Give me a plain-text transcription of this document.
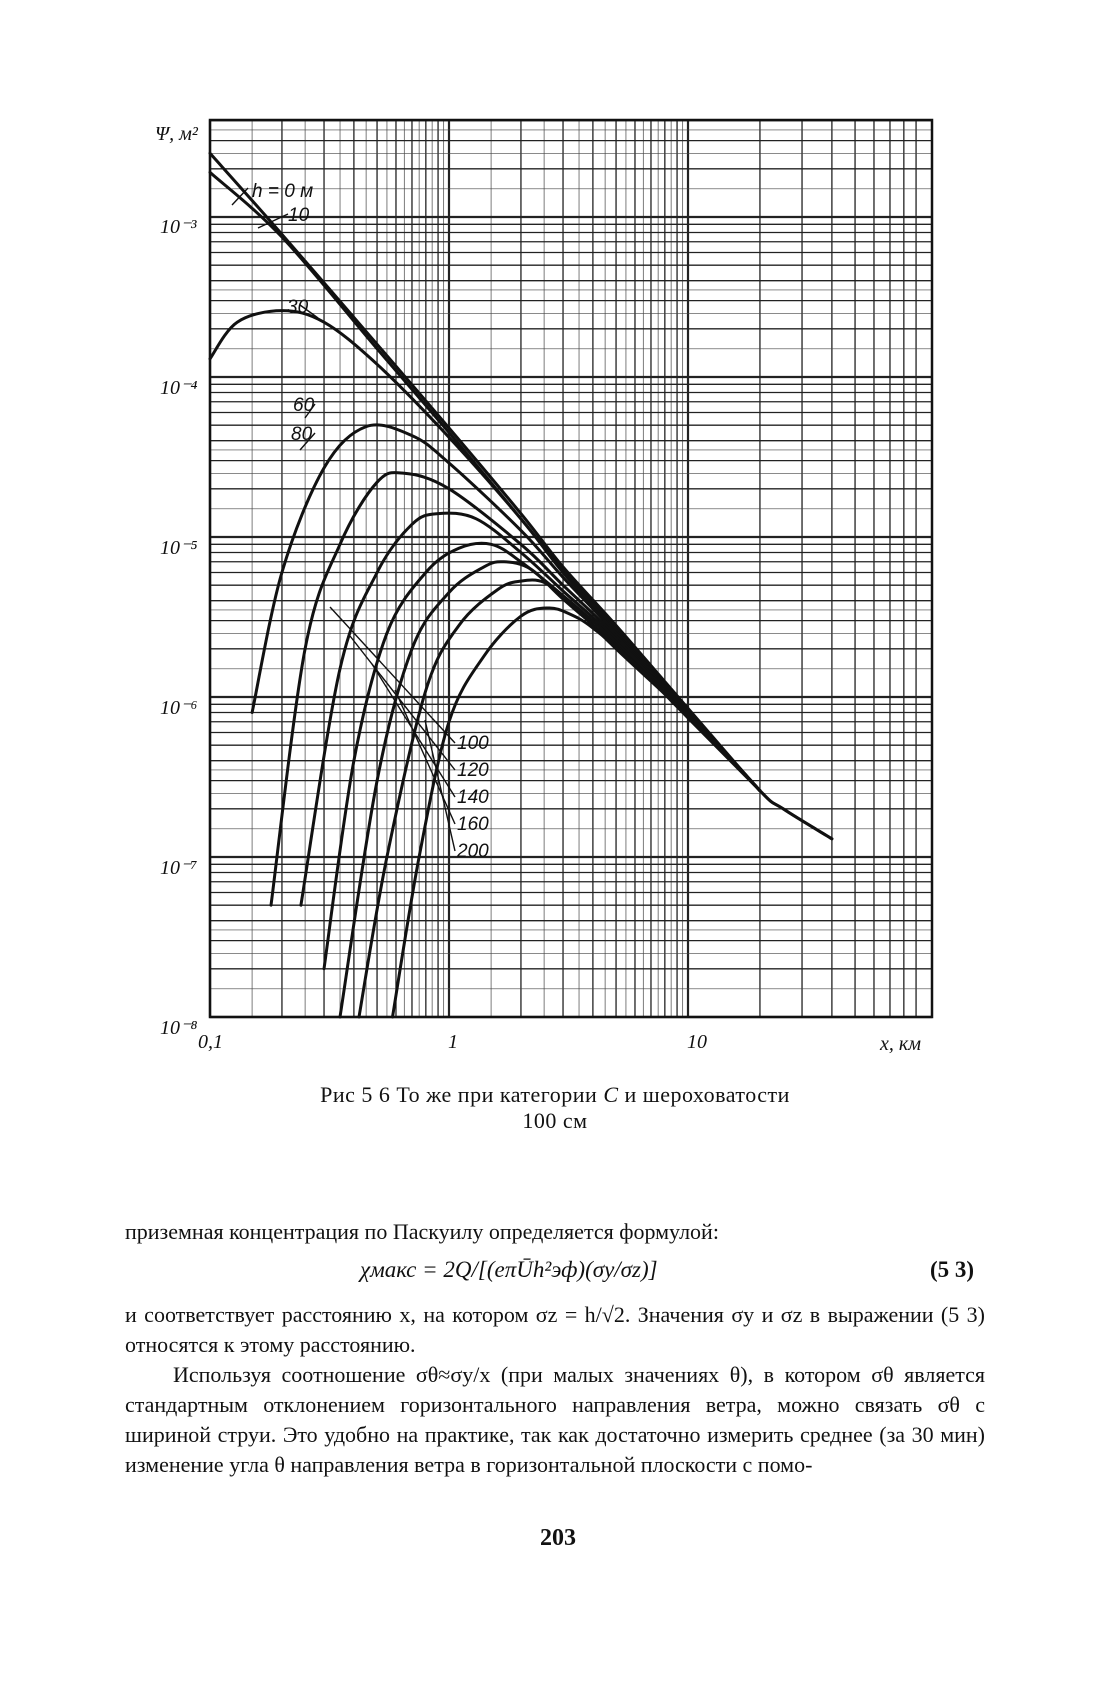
Ψ, м²
x, км
10⁻³
10⁻⁴
10⁻⁵
10⁻⁶
10⁻⁷
10⁻⁸
0,1	1	10
h = 0 м
10
30
60
80
100
120
140
160
200
Рис 5 6 То же при категории C и шероховатости
100 см
приземная концентрация по Паскуилу определяется формулой:
χмакс = 2Q/[(eπŪh²эф)(σy/σz)]	(5 3)
и соответствует расстоянию x, на котором σz = h/√2. Значения σy и σz в выражении (5 3) относятся к этому расстоянию.
Используя соотношение σθ≈σy/x (при малых значениях θ), в котором σθ является стандартным отклонением горизонтального направления ветра, можно связать σθ с шириной струи. Это удобно на практике, так как достаточно измерить среднее (за 30 мин) изменение угла θ направления ветра в горизонтальной плоскости с помо-
203
